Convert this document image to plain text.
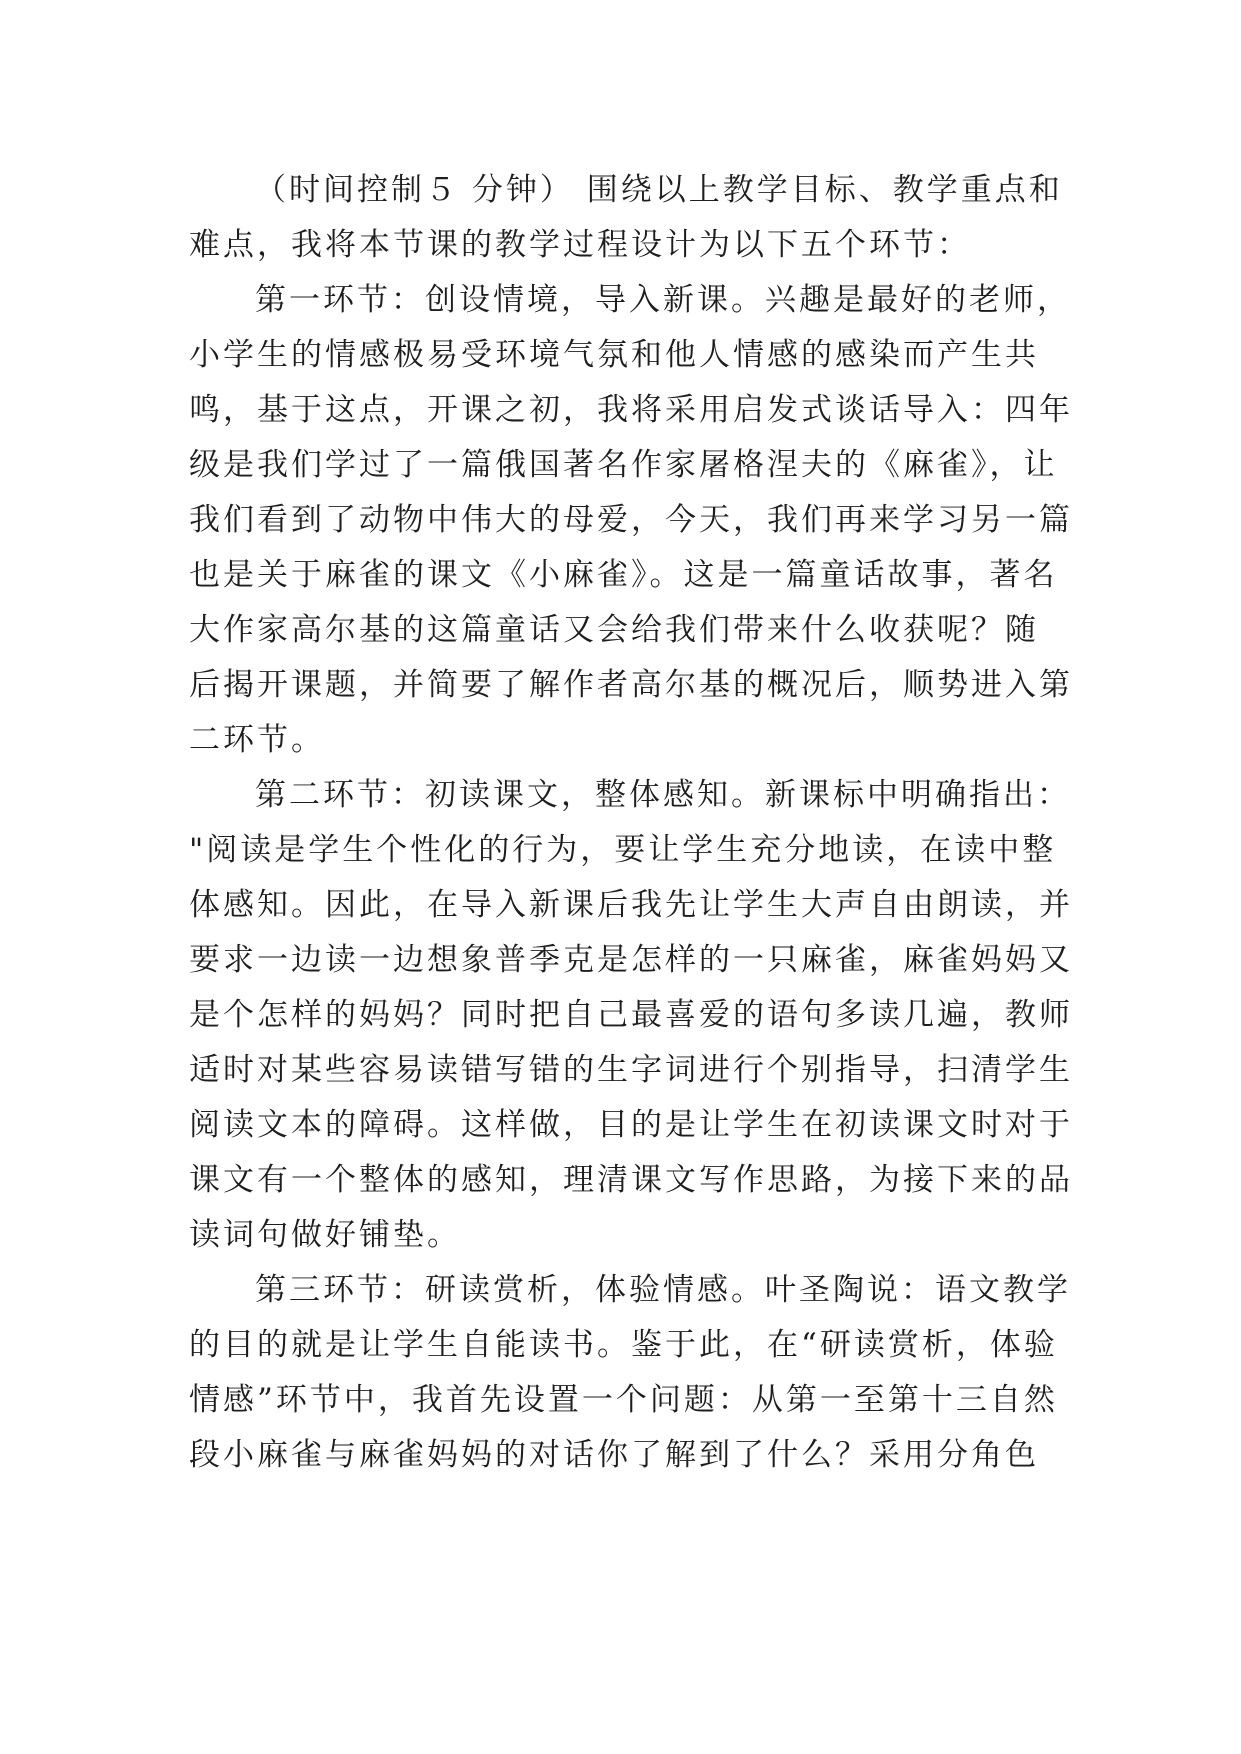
（时间控制５ 分钟） 围绕以上教学目标、教学重点和
难点，我将本节课的教学过程设计为以下五个环节：
第一环节：创设情境，导入新课。兴趣是最好的老师，
小学生的情感极易受环境气氛和他人情感的感染而产生共
鸣，基于这点，开课之初，我将采用启发式谈话导入：四年
级是我们学过了一篇俄国著名作家屠格涅夫的《麻雀》，让
我们看到了动物中伟大的母爱，今天，我们再来学习另一篇
也是关于麻雀的课文《小麻雀》。这是一篇童话故事，著名
大作家高尔基的这篇童话又会给我们带来什么收获呢？随
后揭开课题，并简要了解作者高尔基的概况后，顺势进入第
二环节。
第二环节：初读课文，整体感知。新课标中明确指出：
"阅读是学生个性化的行为，要让学生充分地读，在读中整
体感知。因此，在导入新课后我先让学生大声自由朗读，并
要求一边读一边想象普季克是怎样的一只麻雀，麻雀妈妈又
是个怎样的妈妈？同时把自己最喜爱的语句多读几遍，教师
适时对某些容易读错写错的生字词进行个别指导，扫清学生
阅读文本的障碍。这样做，目的是让学生在初读课文时对于
课文有一个整体的感知，理清课文写作思路，为接下来的品
读词句做好铺垫。
第三环节：研读赏析，体验情感。叶圣陶说：语文教学
的目的就是让学生自能读书。鉴于此，在“研读赏析，体验
情感”环节中，我首先设置一个问题：从第一至第十三自然
段小麻雀与麻雀妈妈的对话你了解到了什么？采用分角色
